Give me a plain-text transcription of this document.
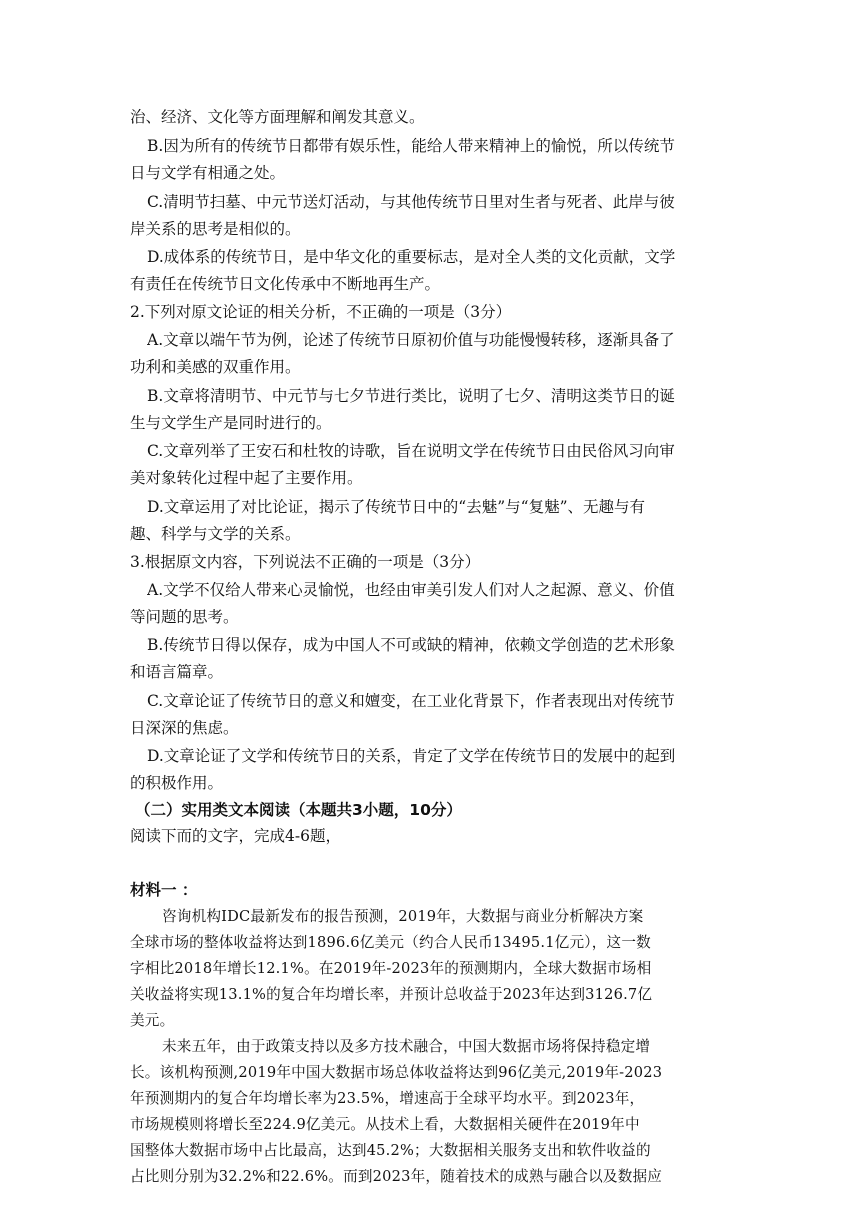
治、经济、文化等方面理解和阐发其意义。
B.因为所有的传统节日都带有娱乐性，能给人带来精神上的愉悦，所以传统节
日与文学有相通之处。
C.清明节扫墓、中元节送灯活动，与其他传统节日里对生者与死者、此岸与彼
岸关系的思考是相似的。
D.成体系的传统节日，是中华文化的重要标志，是对全人类的文化贡献，文学
有责任在传统节日文化传承中不断地再生产。
2.下列对原文论证的相关分析，不正确的一项是（3分）
A.文章以端午节为例，论述了传统节日原初价值与功能慢慢转移，逐渐具备了
功利和美感的双重作用。
B.文章将清明节、中元节与七夕节进行类比，说明了七夕、清明这类节日的诞
生与文学生产是同时进行的。
C.文章列举了王安石和杜牧的诗歌，旨在说明文学在传统节日由民俗风习向审
美对象转化过程中起了主要作用。
D.文章运用了对比论证，揭示了传统节日中的“去魅”与“复魅”、无趣与有
趣、科学与文学的关系。
3.根据原文内容，下列说法不正确的一项是（3分）
A.文学不仅给人带来心灵愉悦，也经由审美引发人们对人之起源、意义、价值
等问题的思考。
B.传统节日得以保存，成为中国人不可或缺的精神，依赖文学创造的艺术形象
和语言篇章。
C.文章论证了传统节日的意义和嬗变，在工业化背景下，作者表现出对传统节
日深深的焦虑。
D.文章论证了文学和传统节日的关系，肯定了文学在传统节日的发展中的起到
的积极作用。
（二）实用类文本阅读（本题共3小题，10分）
阅读下而的文字，完成4-6题，
材料一 ：
咨询机构IDC最新发布的报告预测，2019年，大数据与商业分析解决方案
全球市场的整体收益将达到1896.6亿美元（约合人民币13495.1亿元），这一数
字相比2018年增长12.1%。在2019年-2023年的预测期内，全球大数据市场相
关收益将实现13.1%的复合年均增长率，并预计总收益于2023年达到3126.7亿
美元。
未来五年，由于政策支持以及多方技术融合，中国大数据市场将保持稳定增
长。该机构预测,2019年中国大数据市场总体收益将达到96亿美元,2019年-2023
年预测期内的复合年均增长率为23.5%，增速高于全球平均水平。到2023年，
市场规模则将增长至224.9亿美元。从技术上看，大数据相关硬件在2019年中
国整体大数据市场中占比最高，达到45.2%；大数据相关服务支出和软件收益的
占比则分别为32.2%和22.6%。而到2023年，随着技术的成熟与融合以及数据应
